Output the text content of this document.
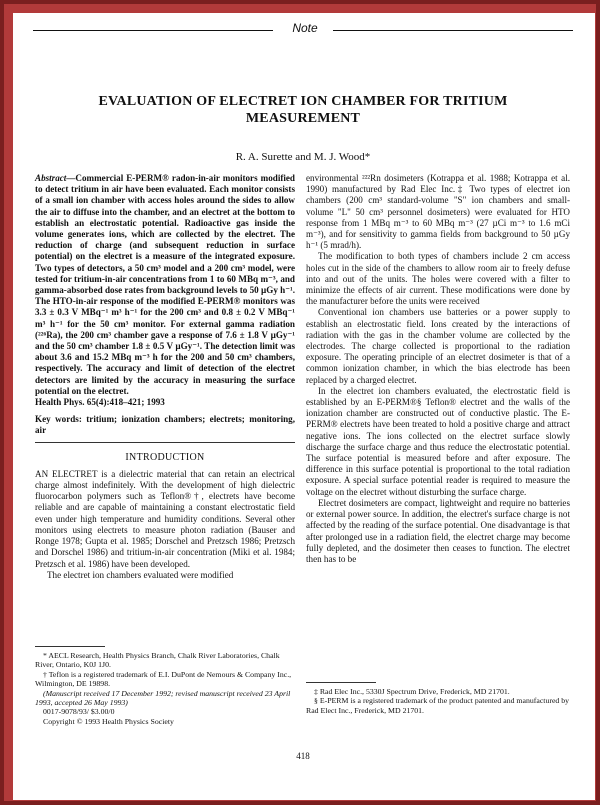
Note
EVALUATION OF ELECTRET ION CHAMBER FOR TRITIUM MEASUREMENT
R. A. Surette and M. J. Wood*

Abstract—Commercial E-PERM® radon-in-air monitors modified to detect tritium in air have been evaluated. Each monitor consists of a small ion chamber with access holes around the sides to allow the air to diffuse into the chamber, and an electret at the bottom to establish an electrostatic potential. Radioactive gas inside the volume generates ions, which are collected by the electret. The reduction of charge (and subsequent reduction in surface potential) on the electret is a measure of the integrated exposure. Two types of detectors, a 50 cm³ model and a 200 cm³ model, were tested for tritium-in-air concentrations from 1 to 60 MBq m⁻³, and gamma-absorbed dose rates from background levels to 50 µGy h⁻¹. The HTO-in-air response of the modified E-PERM® monitors was 3.3 ± 0.3 V MBq⁻¹ m³ h⁻¹ for the 200 cm³ and 0.8 ± 0.2 V MBq⁻¹ m³ h⁻¹ for the 50 cm³ monitor. For external gamma radiation (²²⁶Ra), the 200 cm³ chamber gave a response of 7.6 ± 1.8 V µGy⁻¹ and the 50 cm³ chamber 1.8 ± 0.5 V µGy⁻¹. The detection limit was about 3.6 and 15.2 MBq m⁻³ h for the 200 and 50 cm³ chambers, respectively. The accuracy and limit of detection of the electret detectors are limited by the accuracy in measuring the surface potential on the electret.

Health Phys. 65(4):418–421; 1993

Key words: tritium; ionization chambers; electrets; monitoring, air

INTRODUCTION

AN ELECTRET is a dielectric material that can retain an electrical charge almost indefinitely. With the development of high dielectric fluorocarbon polymers such as Teflon®†, electrets have become reliable and are capable of maintaining a constant electrostatic field even under high temperature and humidity conditions. Several other monitors using electrets to measure photon radiation (Bauser and Ronge 1978; Gupta et al. 1985; Dorschel and Pretzsch 1986; Pretzsch and Dorschel 1986) and tritium-in-air concentration (Miki et al. 1984; Pretzsch et al. 1986) have been developed.

The electret ion chambers evaluated were modified

* AECL Research, Health Physics Branch, Chalk River Laboratories, Chalk River, Ontario, K0J 1J0.

† Teflon is a registered trademark of E.I. DuPont de Nemours & Company Inc., Wilmington, DE 19898.

(Manuscript received 17 December 1992; revised manuscript received 23 April 1993, accepted 26 May 1993)

0017-9078/93/ $3.00/0

Copyright © 1993 Health Physics Society

environmental ²²²Rn dosimeters (Kotrappa et al. 1988; Kotrappa et al. 1990) manufactured by Rad Elec Inc.‡ Two types of electret ion chambers (200 cm³ standard-volume "S" ion chambers and small-volume "L" 50 cm³ personnel dosimeters) were evaluated for HTO response from 1 MBq m⁻³ to 60 MBq m⁻³ (27 µCi m⁻³ to 1.6 mCi m⁻³), and for sensitivity to gamma fields from background to 50 µGy h⁻¹ (5 mrad/h).

The modification to both types of chambers include 2 cm access holes cut in the side of the chambers to allow room air to freely defuse into and out of the units. The holes were covered with a filter to minimize the effects of air current. These modifications were done by the manufacturer before the units were received

Conventional ion chambers use batteries or a power supply to establish an electrostatic field. Ions created by the interactions of radiation with the gas in the chamber volume are collected by the electrodes. The charge collected is proportional to the radiation exposure. The operating principle of an electret dosimeter is that of a common ionization chamber, in which the bias electrode has been replaced by a charged electret.

In the electret ion chambers evaluated, the electrostatic field is established by an E-PERM®§ Teflon® electret and the walls of the ionization chamber are constructed out of conductive plastic. The E-PERM® electrets have been treated to hold a positive charge and attract negative ions. The ions collected on the electret surface slowly discharge the surface charge and thus reduce the electrostatic potential. The surface potential is measured before and after exposure. The difference in this surface potential is proportional to the total radiation exposure. A special surface potential reader is required to measure the voltage on the electret without disturbing the surface charge.

Electret dosimeters are compact, lightweight and require no batteries or external power source. In addition, the electret's surface charge is not affected by the reading of the surface potential. One disadvantage is that after prolonged use in a radiation field, the electret charge may become fully depleted, and the dosimeter then ceases to function. The electret then has to be

‡ Rad Elec Inc., 5330J Spectrum Drive, Frederick, MD 21701.

§ E-PERM is a registered trademark of the product patented and manufactured by Rad Elect Inc., Frederick, MD 21701.

418
